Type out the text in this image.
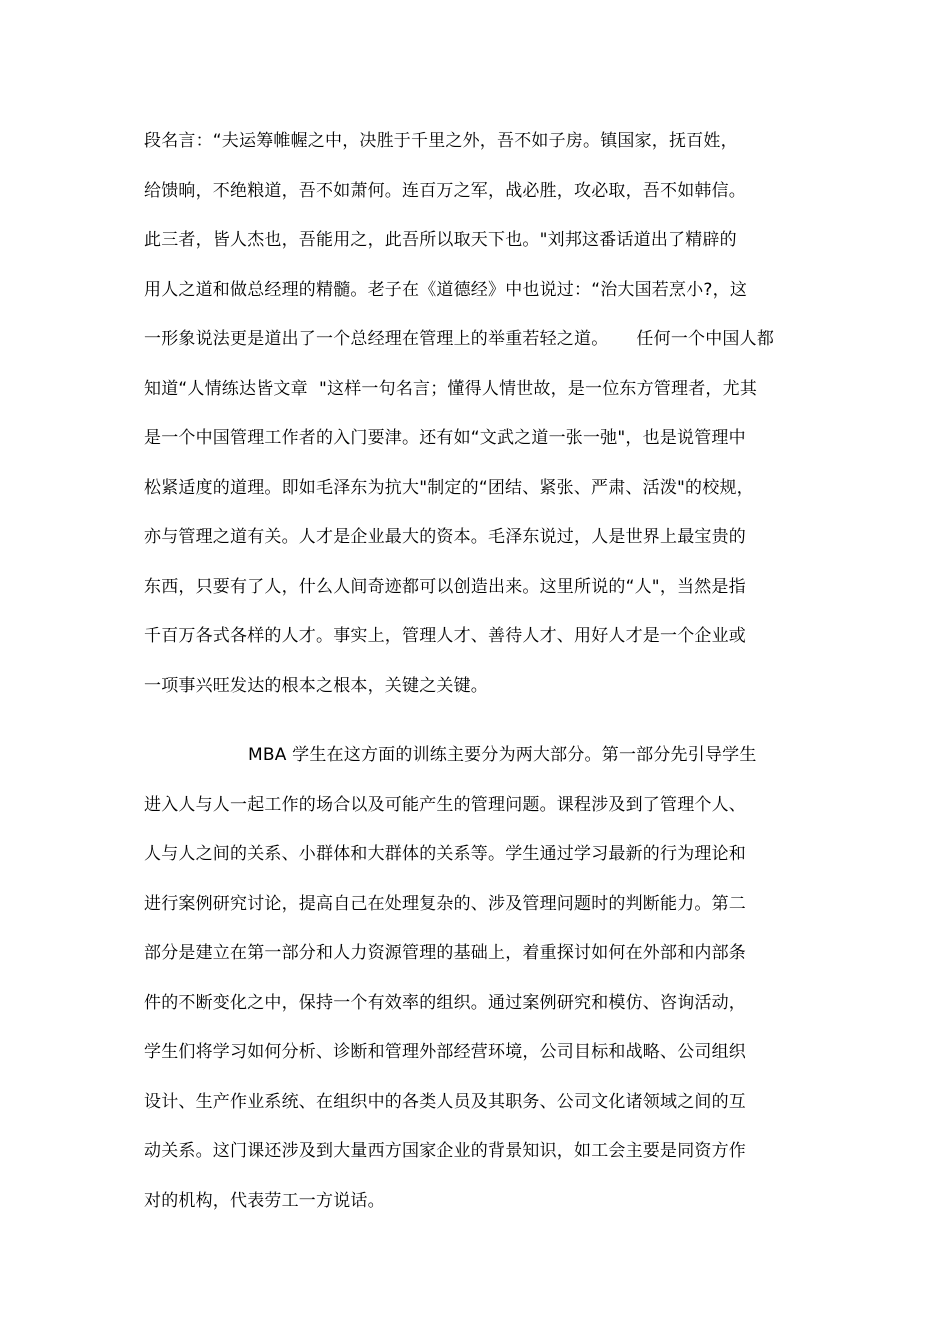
段名言：“夫运筹帷幄之中，决胜于千里之外，吾不如子房。镇国家，抚百姓，
给馈晌，不绝粮道，吾不如萧何。连百万之军，战必胜，攻必取，吾不如韩信。
此三者，皆人杰也，吾能用之，此吾所以取天下也。"刘邦这番话道出了精辟的
用人之道和做总经理的精髓。老子在《道德经》中也说过：“治大国若烹小?，这
一形象说法更是道出了一个总经理在管理上的举重若轻之道。     任何一个中国人都
知道“人情练达皆文章  "这样一句名言；懂得人情世故，是一位东方管理者，尤其
是一个中国管理工作者的入门要津。还有如“文武之道一张一弛"，也是说管理中
松紧适度的道理。即如毛泽东为抗大"制定的“团结、紧张、严肃、活泼"的校规，
亦与管理之道有关。人才是企业最大的资本。毛泽东说过，人是世界上最宝贵的
东西，只要有了人，什么人间奇迹都可以创造出来。这里所说的“人"，当然是指
千百万各式各样的人才。事实上，管理人才、善待人才、用好人才是一个企业或
一项事兴旺发达的根本之根本，关键之关键。
MBA 学生在这方面的训练主要分为两大部分。第一部分先引导学生
进入人与人一起工作的场合以及可能产生的管理问题。课程涉及到了管理个人、
人与人之间的关系、小群体和大群体的关系等。学生通过学习最新的行为理论和
进行案例研究讨论，提高自己在处理复杂的、涉及管理问题时的判断能力。第二
部分是建立在第一部分和人力资源管理的基础上，着重探讨如何在外部和内部条
件的不断变化之中，保持一个有效率的组织。通过案例研究和模仿、咨询活动，
学生们将学习如何分析、诊断和管理外部经营环境，公司目标和战略、公司组织
设计、生产作业系统、在组织中的各类人员及其职务、公司文化诸领域之间的互
动关系。这门课还涉及到大量西方国家企业的背景知识，如工会主要是同资方作
对的机构，代表劳工一方说话。
